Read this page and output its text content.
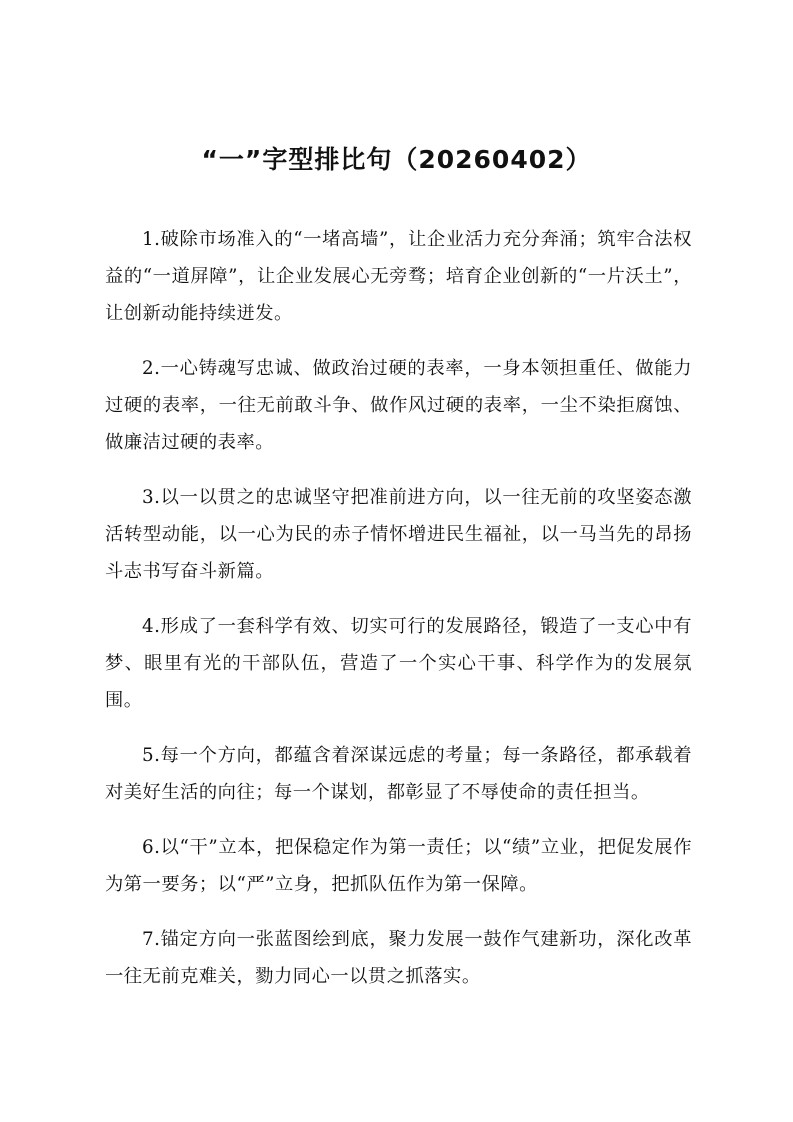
“一”字型排比句（20260402）

1.破除市场准入的“一堵高墙”，让企业活力充分奔涌；筑牢合法权益的“一道屏障”，让企业发展心无旁骛；培育企业创新的“一片沃土”，让创新动能持续迸发。

2.一心铸魂写忠诚、做政治过硬的表率，一身本领担重任、做能力过硬的表率，一往无前敢斗争、做作风过硬的表率，一尘不染拒腐蚀、做廉洁过硬的表率。

3.以一以贯之的忠诚坚守把准前进方向，以一往无前的攻坚姿态激活转型动能，以一心为民的赤子情怀增进民生福祉，以一马当先的昂扬斗志书写奋斗新篇。

4.形成了一套科学有效、切实可行的发展路径，锻造了一支心中有梦、眼里有光的干部队伍，营造了一个实心干事、科学作为的发展氛围。

5.每一个方向，都蕴含着深谋远虑的考量；每一条路径，都承载着对美好生活的向往；每一个谋划，都彰显了不辱使命的责任担当。

6.以“干”立本，把保稳定作为第一责任；以“绩”立业，把促发展作为第一要务；以“严”立身，把抓队伍作为第一保障。

7.锚定方向一张蓝图绘到底，聚力发展一鼓作气建新功，深化改革一往无前克难关，勠力同心一以贯之抓落实。
